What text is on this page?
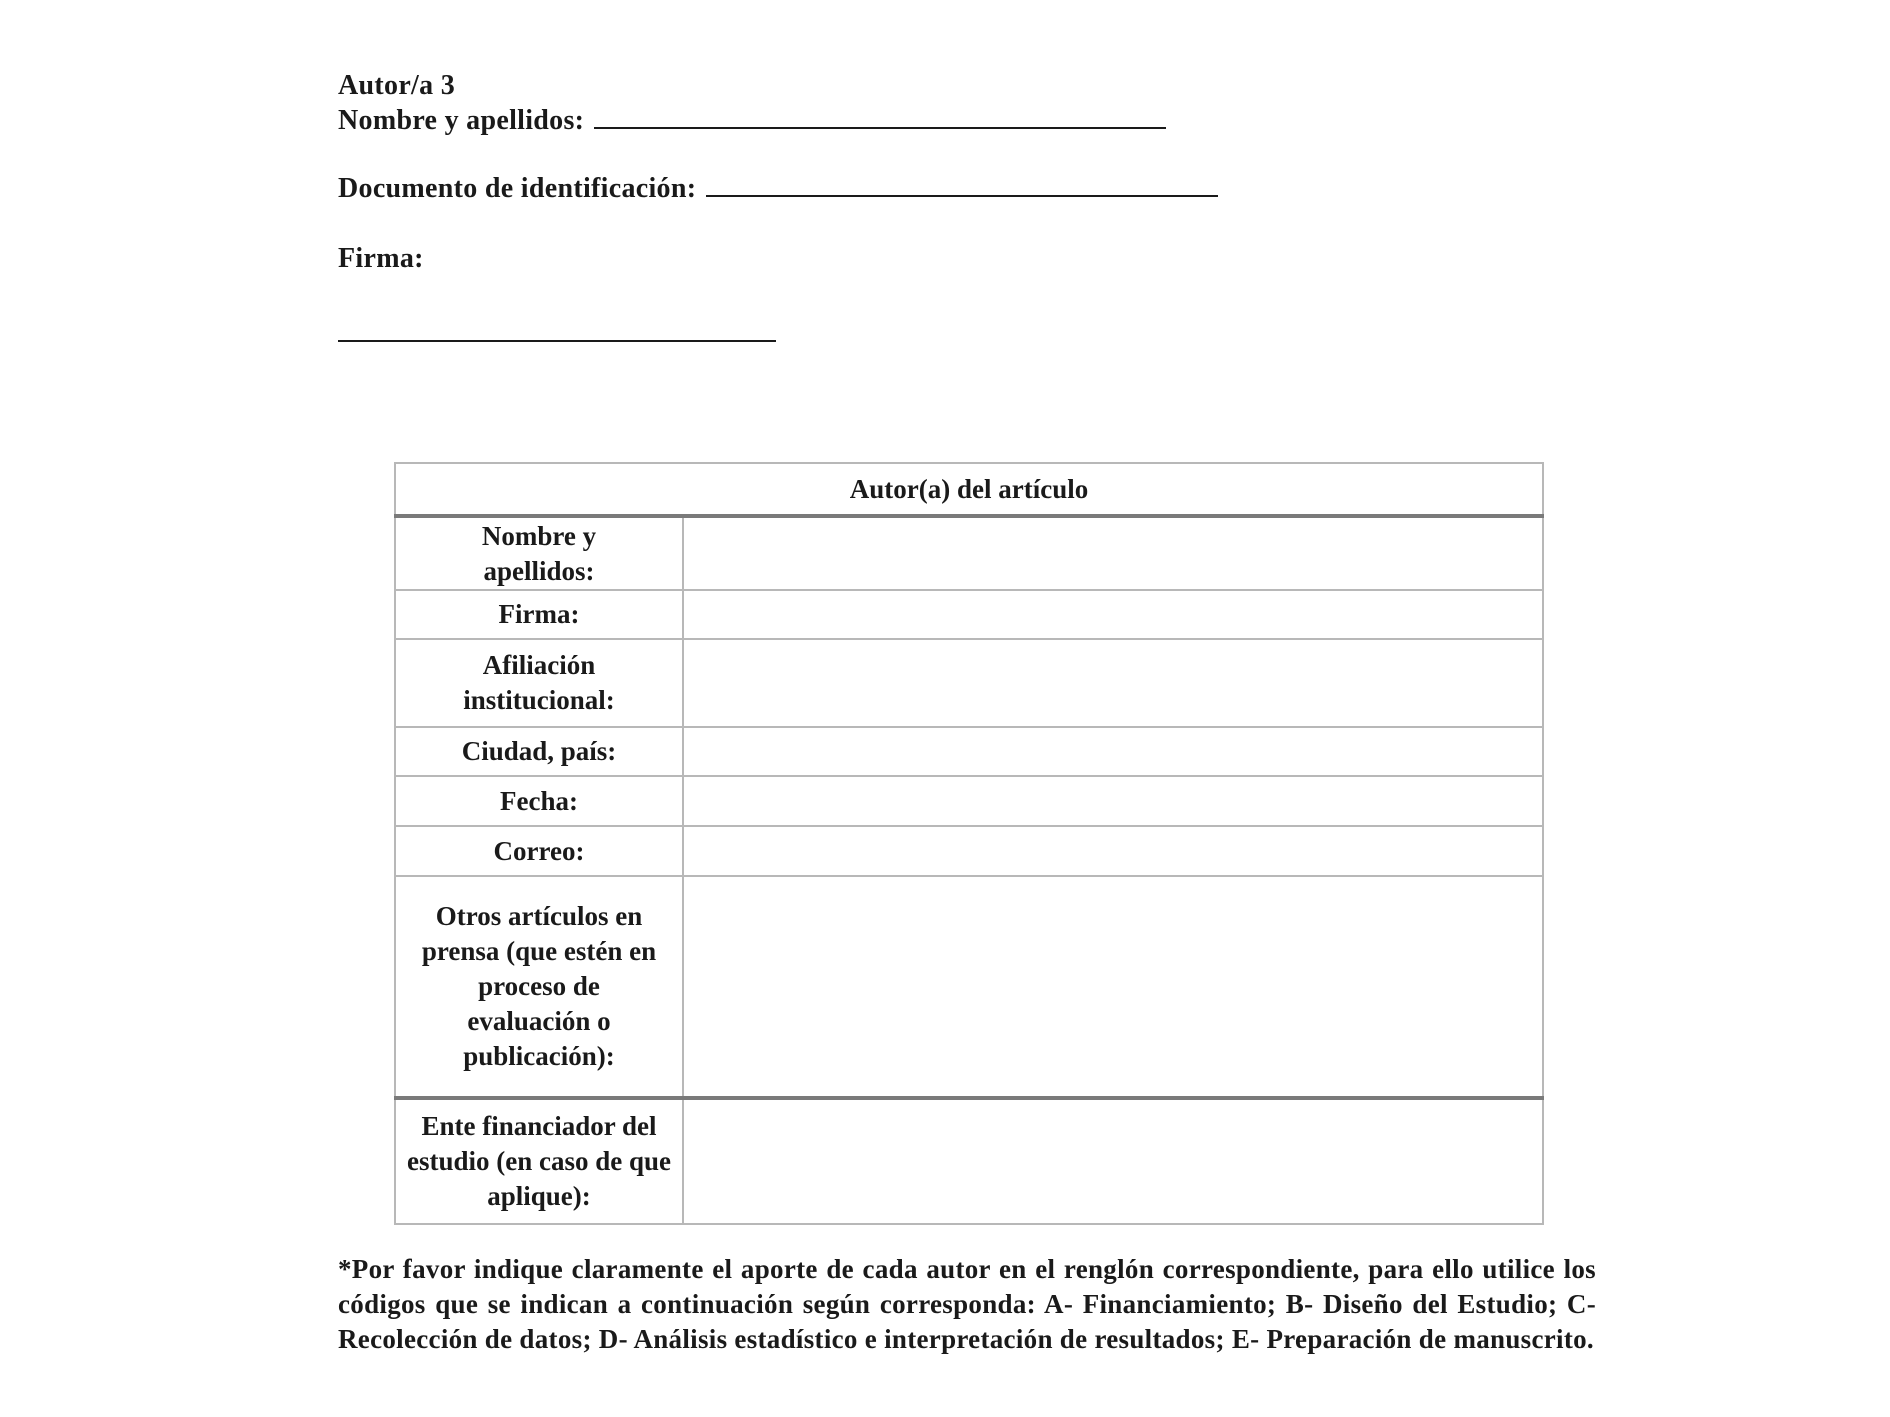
Autor/a 3
Nombre y apellidos:
Documento de identificación:
Firma:
Autor(a) del artículo	
Nombre y apellidos:	
Firma:	
Afiliación institucional:	
Ciudad, país:	
Fecha:	
Correo:	
Otros artículos en prensa (que estén en proceso de evaluación o publicación):	
Ente financiador del estudio (en caso de que aplique):	
*Por favor indique claramente el aporte de cada autor en el renglón correspondiente, para ello utilice los códigos que se indican a continuación según corresponda: A- Financiamiento; B- Diseño del Estudio; C- Recolección de datos; D- Análisis estadístico e interpretación de resultados; E- Preparación de manuscrito.
